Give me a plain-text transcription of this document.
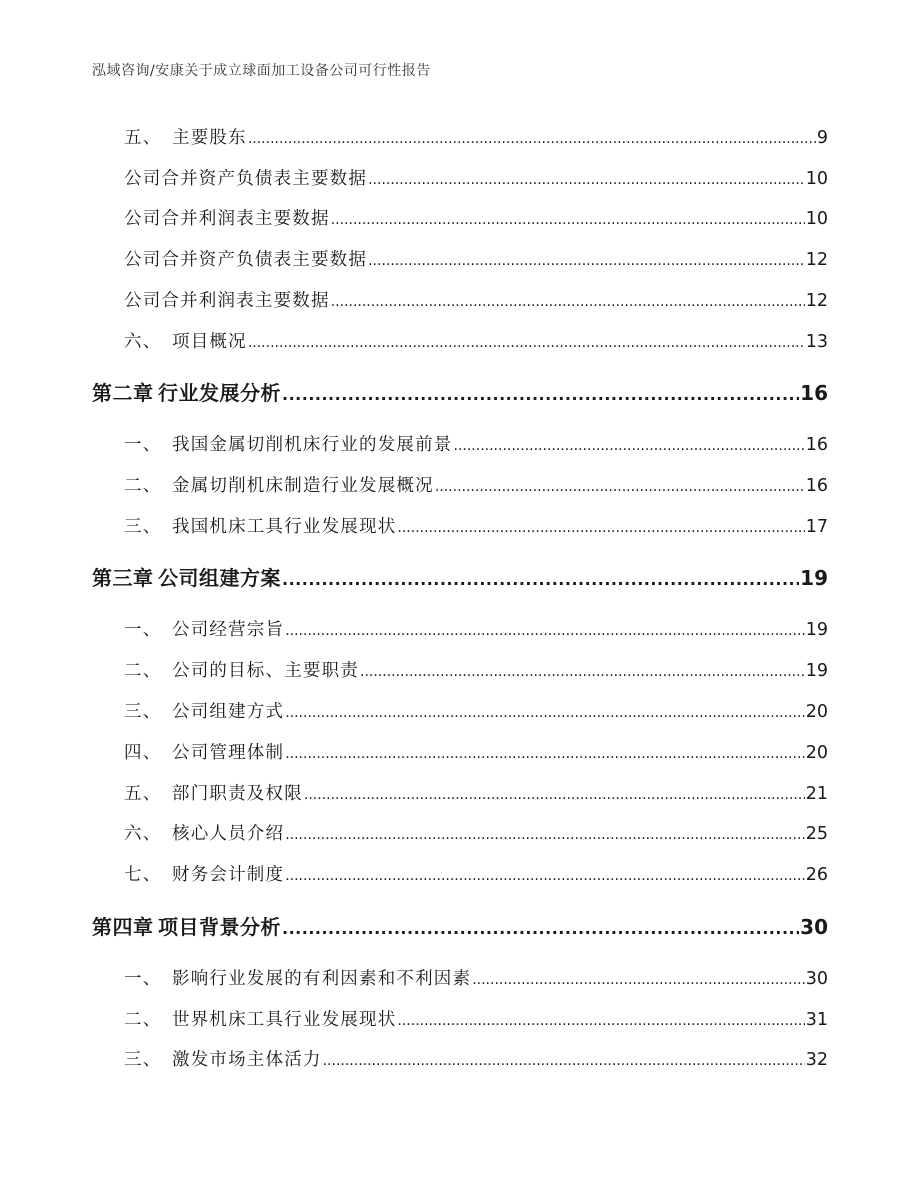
泓域咨询/安康关于成立球面加工设备公司可行性报告
五、 主要股东 .....	9
公司合并资产负债表主要数据 .....	10
公司合并利润表主要数据 .....	10
公司合并资产负债表主要数据 .....	12
公司合并利润表主要数据 .....	12
六、 项目概况 .....	13
第二章  行业发展分析 .....	16
一、 我国金属切削机床行业的发展前景 .....	16
二、 金属切削机床制造行业发展概况 .....	16
三、 我国机床工具行业发展现状 .....	17
第三章  公司组建方案 .....	19
一、 公司经营宗旨 .....	19
二、 公司的目标、主要职责 .....	19
三、 公司组建方式 .....	20
四、 公司管理体制 .....	20
五、 部门职责及权限 .....	21
六、 核心人员介绍 .....	25
七、 财务会计制度 .....	26
第四章  项目背景分析 .....	30
一、 影响行业发展的有利因素和不利因素 .....	30
二、 世界机床工具行业发展现状 .....	31
三、 激发市场主体活力 .....	32
